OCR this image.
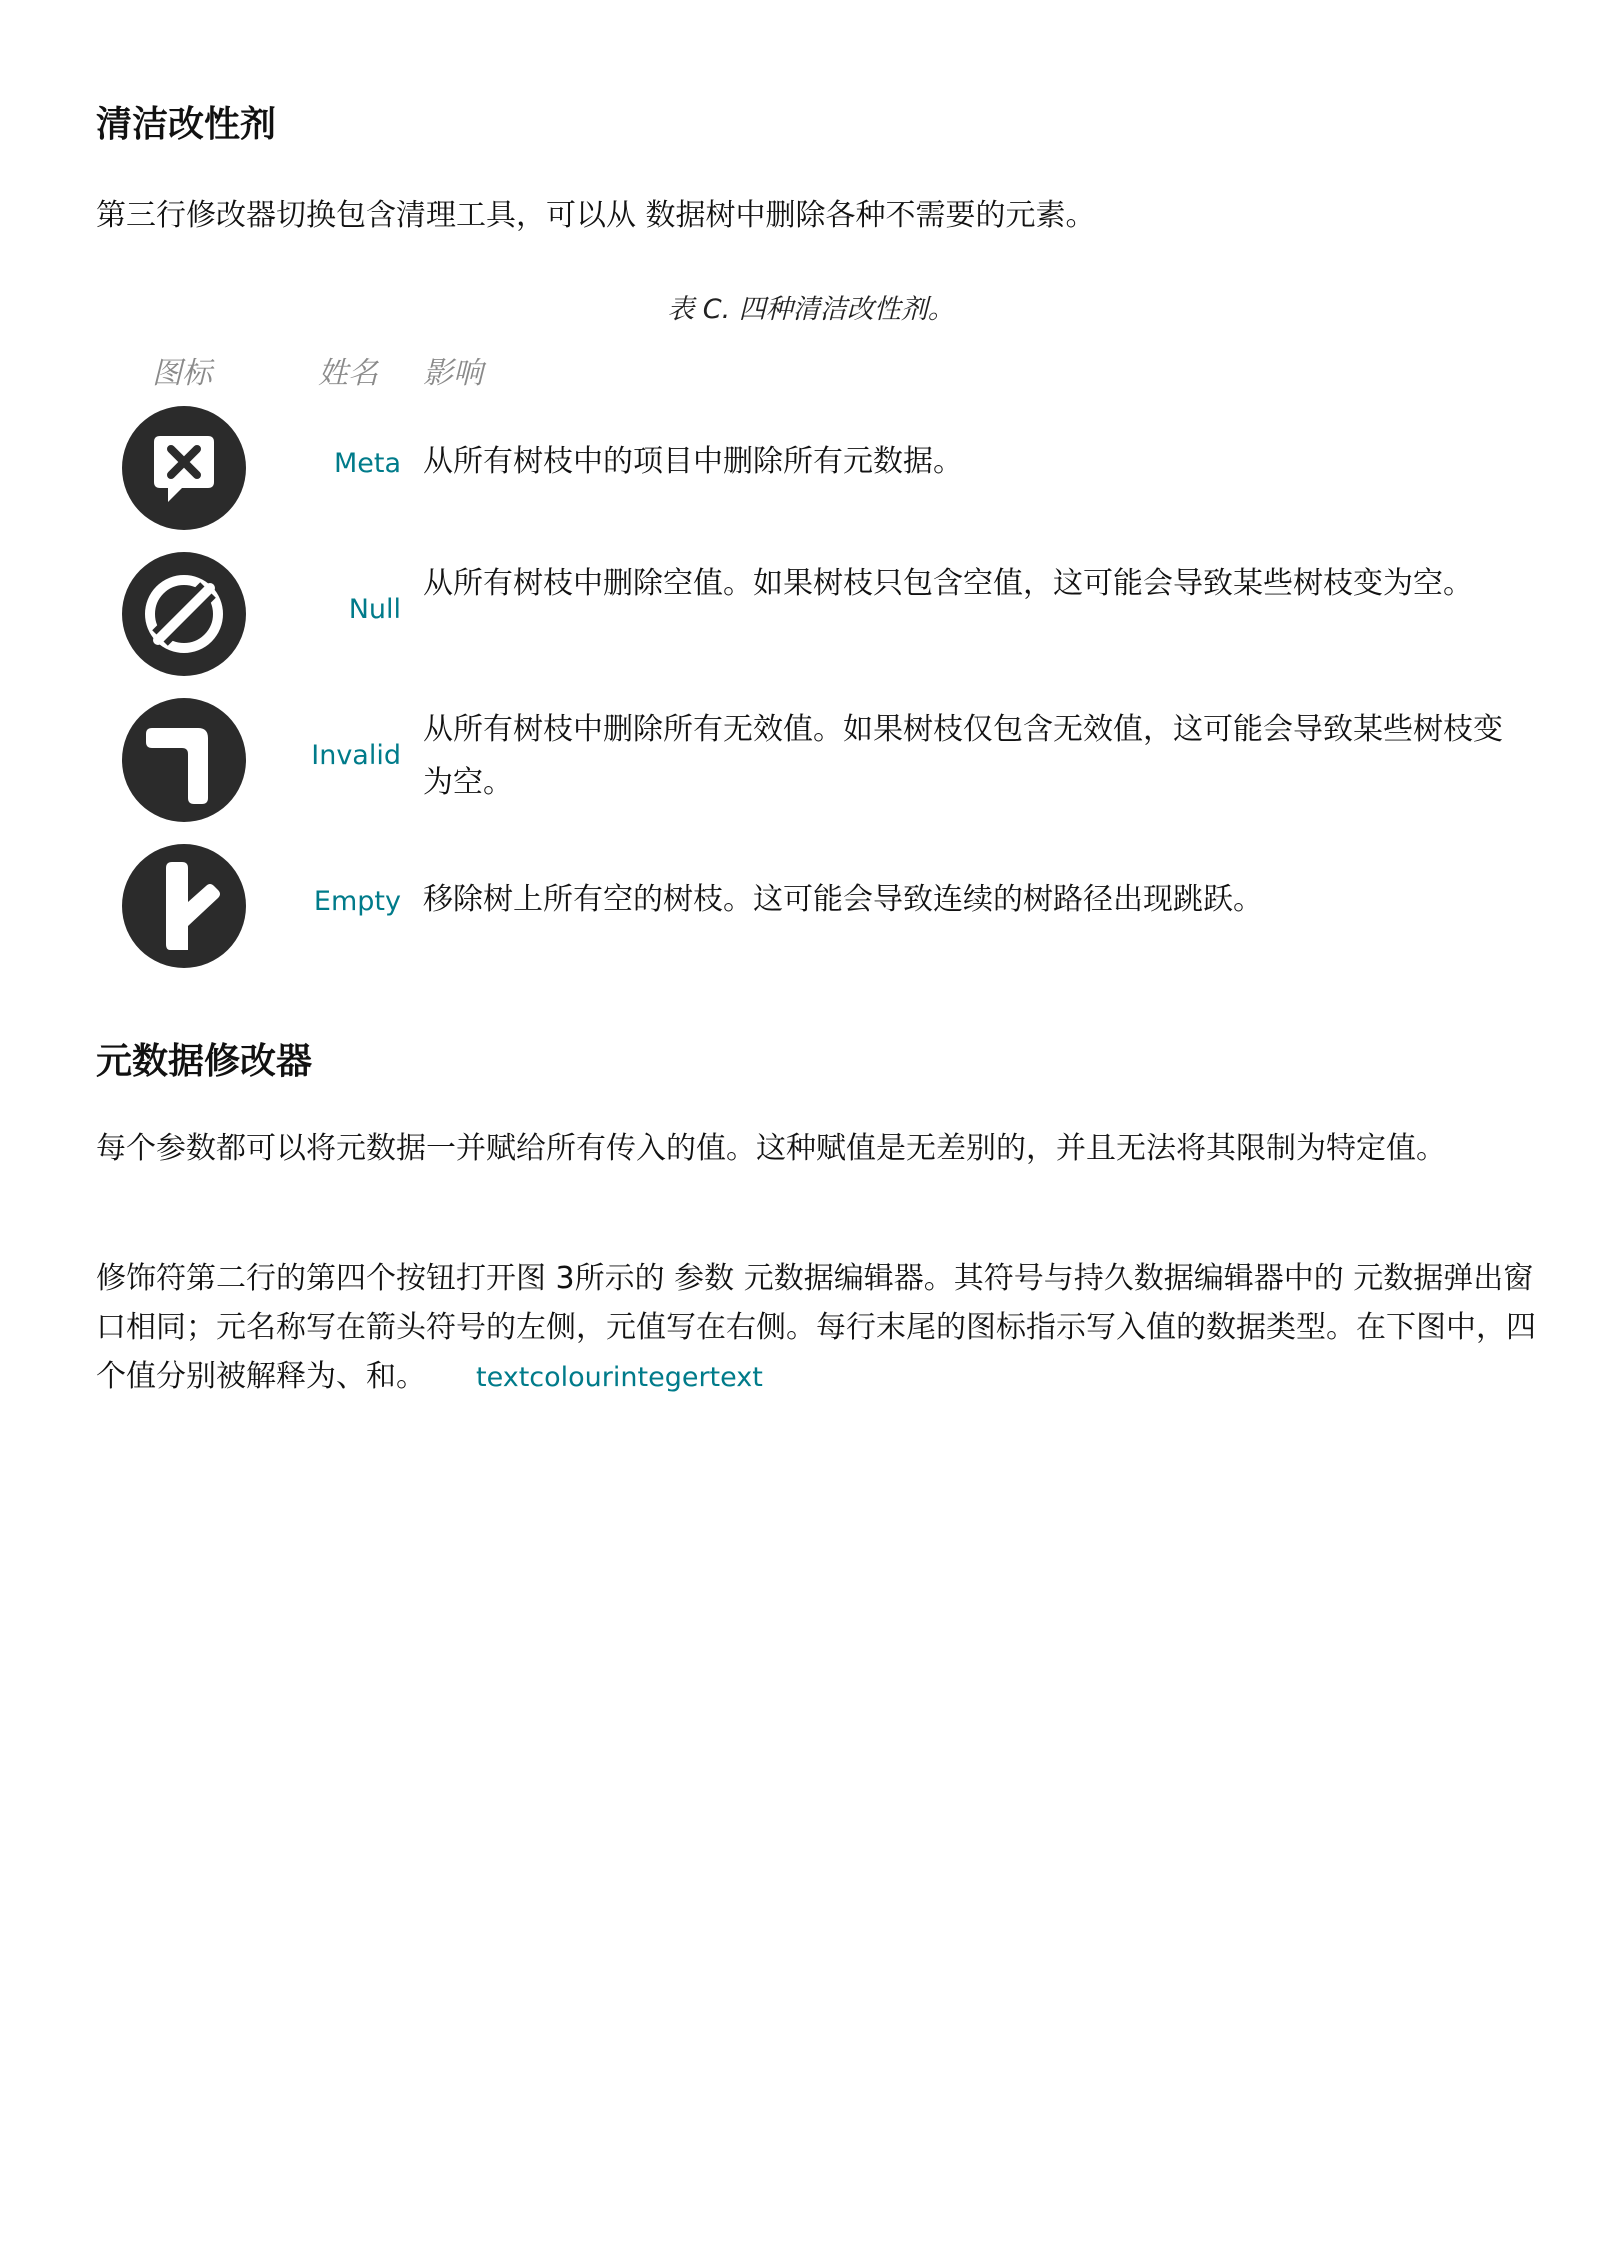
清洁改性剂

第三行修改器切换包含清理工具，可以从 数据树中删除各种不需要的元素。

表 C. 四种清洁改性剂。

图标	姓名 影响
Meta 从所有树枝中的项目中删除所有元数据。

Null

从所有树枝中删除空值。如果树枝只包含空值，这可能会导致某些树枝变为空。

Invalid

从所有树枝中删除所有无效值。如果树枝仅包含无效值，这可能会导致某些树枝变为空。

Empty 移除树上所有空的树枝。这可能会导致连续的树路径出现跳跃。

元数据修改器

每个参数都可以将元数据一并赋给所有传入的值。这种赋值是无差别的，并且无法将其限制为特定值。

修饰符第二行的第四个按钮打开图 3所示的 参数 元数据编辑器。其符号与持久数据编辑器中的 元数据弹出窗口相同；元名称写在箭头符号的左侧，元值写在右侧。每行末尾的图标指示写入值的数据类型。在下图中，四个值分别被解释为、和。 textcolourintegertext
